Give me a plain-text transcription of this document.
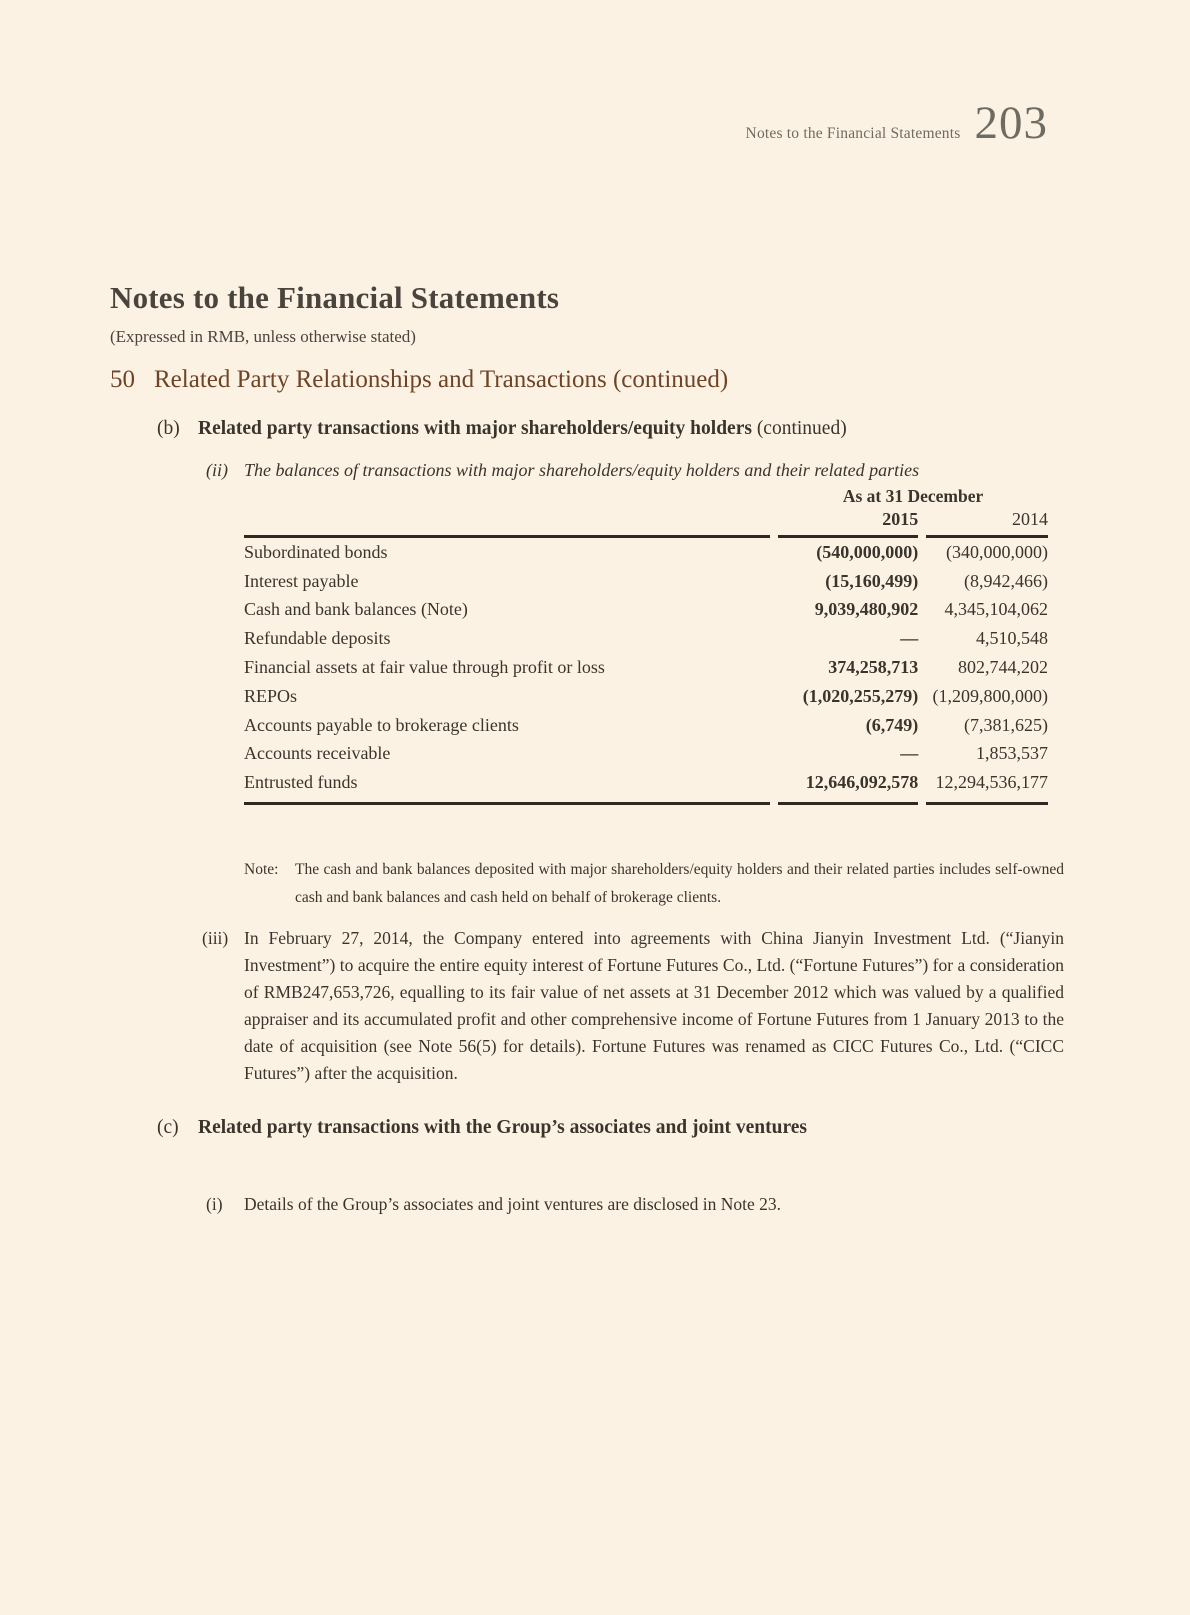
Notes to the Financial Statements 203
Notes to the Financial Statements
(Expressed in RMB, unless otherwise stated)
50 Related Party Relationships and Transactions (continued)
(b) Related party transactions with major shareholders/equity holders (continued)
(ii) The balances of transactions with major shareholders/equity holders and their related parties
	As at 31 December	
	2015	2014
Subordinated bonds	(540,000,000)	(340,000,000)
Interest payable	(15,160,499)	(8,942,466)
Cash and bank balances (Note)	9,039,480,902	4,345,104,062
Refundable deposits	—	4,510,548
Financial assets at fair value through profit or loss	374,258,713	802,744,202
REPOs	(1,020,255,279)	(1,209,800,000)
Accounts payable to brokerage clients	(6,749)	(7,381,625)
Accounts receivable	—	1,853,537
Entrusted funds	12,646,092,578	12,294,536,177
Note:	The cash and bank balances deposited with major shareholders/equity holders and their related parties includes self-owned cash and bank balances and cash held on behalf of brokerage clients.
(iii) In February 27, 2014, the Company entered into agreements with China Jianyin Investment Ltd. (“Jianyin Investment”) to acquire the entire equity interest of Fortune Futures Co., Ltd. (“Fortune Futures”) for a consideration of RMB247,653,726, equalling to its fair value of net assets at 31 December 2012 which was valued by a qualified appraiser and its accumulated profit and other comprehensive income of Fortune Futures from 1 January 2013 to the date of acquisition (see Note 56(5) for details). Fortune Futures was renamed as CICC Futures Co., Ltd. (“CICC Futures”) after the acquisition.
(c) Related party transactions with the Group’s associates and joint ventures
(i) Details of the Group’s associates and joint ventures are disclosed in Note 23.
